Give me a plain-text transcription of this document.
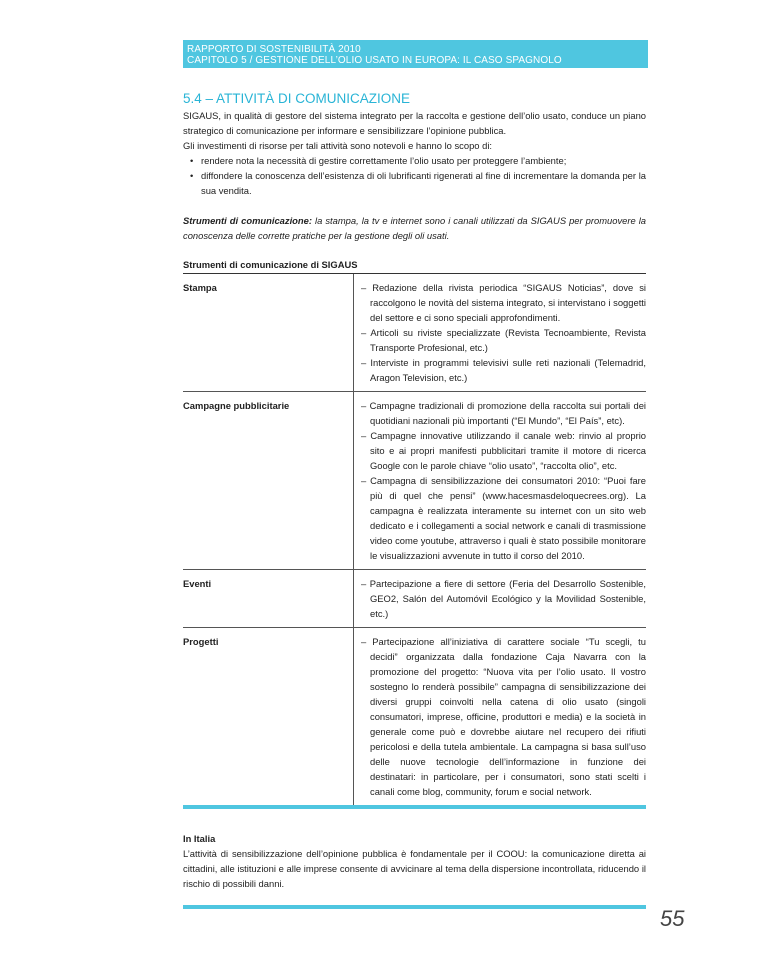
RAPPORTO DI SOSTENIBILITÀ 2010
CAPITOLO 5 / GESTIONE DELL’OLIO USATO IN EUROPA: IL CASO SPAGNOLO
5.4 – ATTIVITÀ DI COMUNICAZIONE

SIGAUS, in qualità di gestore del sistema integrato per la raccolta e gestione dell’olio usato, conduce un piano strategico di comunicazione per informare e sensibilizzare l’opinione pubblica.

Gli investimenti di risorse per tali attività sono notevoli e hanno lo scopo di:

• rendere nota la necessità di gestire correttamente l’olio usato per proteggere l’ambiente;
• diffondere la conoscenza dell’esistenza di oli lubrificanti rigenerati al fine di incrementare la domanda per la sua vendita.

Strumenti di comunicazione: la stampa, la tv e internet sono i canali utilizzati da SIGAUS per promuovere la conoscenza delle corrette pratiche per la gestione degli oli usati.

Strumenti di comunicazione di SIGAUS
Stampa	– Redazione della rivista periodica “SIGAUS Noticias”, dove si raccolgono le novità del sistema integrato, si intervistano i soggetti del settore e ci sono speciali approfondimenti.
– Articoli su riviste specializzate (Revista Tecnoambiente, Revista Transporte Profesional, etc.)
– Interviste in programmi televisivi sulle reti nazionali (Telemadrid, Aragon Television, etc.)
Campagne pubblicitarie	– Campagne tradizionali di promozione della raccolta sui portali dei quotidiani nazionali più importanti (“El Mundo”, “El País”, etc).
– Campagne innovative utilizzando il canale web: rinvio al proprio sito e ai propri manifesti pubblicitari tramite il motore di ricerca Google con le parole chiave “olio usato”, “raccolta olio”, etc.
– Campagna di sensibilizzazione dei consumatori 2010: “Puoi fare più di quel che pensi” (www.hacesmasdeloquecrees.org). La campagna è realizzata interamente su internet con un sito web dedicato e i collegamenti a social network e canali di trasmissione video come youtube, attraverso i quali è stato possibile monitorare le visualizzazioni avvenute in tutto il corso del 2010.
Eventi	– Partecipazione a fiere di settore (Feria del Desarrollo Sostenible, GEO2, Salón del Automóvil Ecológico y la Movilidad Sostenible, etc.)
Progetti	– Partecipazione all’iniziativa di carattere sociale “Tu scegli, tu decidi” organizzata dalla fondazione Caja Navarra con la promozione del progetto: “Nuova vita per l’olio usato. Il vostro sostegno lo renderà possibile” campagna di sensibilizzazione dei diversi gruppi coinvolti nella catena di olio usato (singoli consumatori, imprese, officine, produttori e media) e la società in generale come può e dovrebbe aiutare nel recupero dei rifiuti pericolosi e della tutela ambientale. La campagna si basa sull’uso delle nuove tecnologie dell’informazione in funzione dei destinatari: in particolare, per i consumatori, sono stati scelti i canali come blog, community, forum e social network.
In Italia

L’attività di sensibilizzazione dell’opinione pubblica è fondamentale per il COOU: la comunicazione diretta ai cittadini, alle istituzioni e alle imprese consente di avvicinare al tema della dispersione incontrollata, riducendo il rischio di possibili danni.

55
